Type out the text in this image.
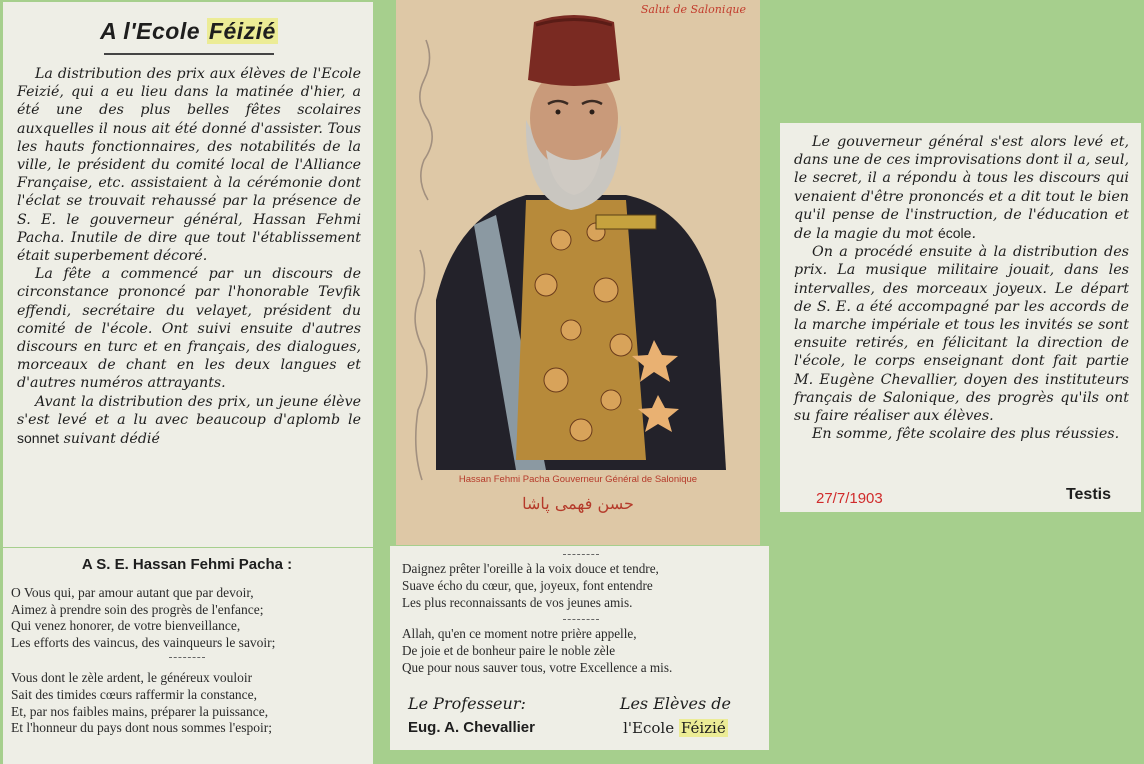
A l'Ecole Féizié

La distribution des prix aux élèves de l'Ecole Feizié, qui a eu lieu dans la matinée d'hier, a été une des plus belles fêtes scolaires auxquelles il nous ait été donné d'assister. Tous les hauts fonctionnaires, des notabilités de la ville, le président du comité local de l'Alliance Française, etc. assistaient à la cérémonie dont l'éclat se trouvait rehaussé par la présence de S. E. le gouverneur général, Hassan Fehmi Pacha. Inutile de dire que tout l'établissement était superbement décoré.

La fête a commencé par un discours de circonstance prononcé par l'honorable Tevfik effendi, secrétaire du velayet, président du comité de l'école. Ont suivi ensuite d'autres discours en turc et en français, des dialogues, morceaux de chant en les deux langues et d'autres numéros attrayants.

Avant la distribution des prix, un jeune élève s'est levé et a lu avec beaucoup d'aplomb le sonnet suivant dédié

A S. E. Hassan Fehmi Pacha :
O Vous qui, par amour autant que par devoir,
Aimez à prendre soin des progrès de l'enfance;
Qui venez honorer, de votre bienveillance,
Les efforts des vaincus, des vainqueurs le savoir;
Vous dont le zèle ardent, le généreux vouloir
Sait des timides cœurs raffermir la constance,
Et, par nos faibles mains, préparer la puissance,
Et l'honneur du pays dont nous sommes l'espoir;
Salut de Salonique
Hassan Fehmi Pacha Gouverneur Général de Salonique
حسن فهمی پاشا
Daignez prêter l'oreille à la voix douce et tendre,
Suave écho du cœur, que, joyeux, font entendre
Les plus reconnaissants de vos jeunes amis.
Allah, qu'en ce moment notre prière appelle,
De joie et de bonheur paire le noble zèle
Que pour nous sauver tous, votre Excellence a mis.
Le Professeur:
Eug. A. Chevallier
Les Elèves de
l'Ecole Féizié

Le gouverneur général s'est alors levé et, dans une de ces improvisations dont il a, seul, le secret, il a répondu à tous les discours qui venaient d'être prononcés et a dit tout le bien qu'il pense de l'instruction, de l'éducation et de la magie du mot école.

On a procédé ensuite à la distribution des prix. La musique militaire jouait, dans les intervalles, des morceaux joyeux. Le départ de S. E. a été accompagné par les accords de la marche impériale et tous les invités se sont ensuite retirés, en félicitant la direction de l'école, le corps enseignant dont fait partie M. Eugène Chevallier, doyen des instituteurs français de Salonique, des progrès qu'ils ont su faire réaliser aux élèves.

En somme, fête scolaire des plus réussies.

27/7/1903	Testis
